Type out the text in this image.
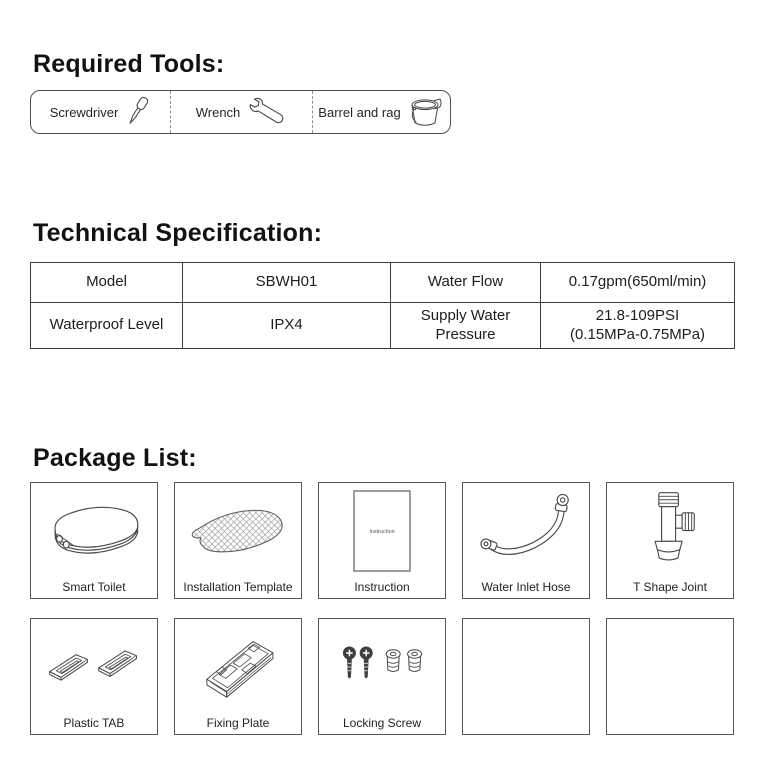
Required Tools:
Screwdriver	Wrench	Barrel and rag
Technical Specification:
Model	SBWH01	Water Flow	0.17gpm(650ml/min)
Waterproof Level	IPX4	Supply Water Pressure	21.8-109PSI
(0.15MPa-0.75MPa)
Package List:
Smart Toilet	Installation Template
Instruction
Instruction	Water Inlet Hose	T Shape Joint
Plastic TAB	Fixing Plate	Locking Screw
